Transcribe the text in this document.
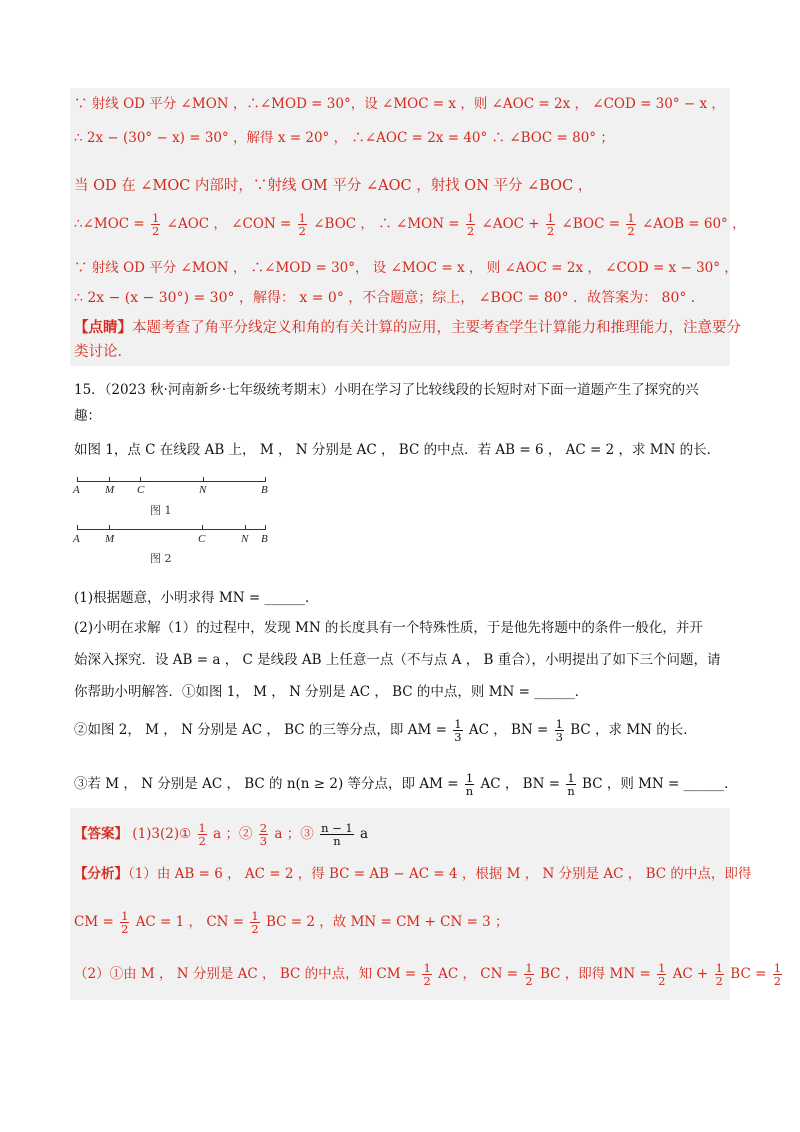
∵ 射线 OD 平分 ∠MON ，∴∠MOD = 30°，设 ∠MOC = x ，则 ∠AOC = 2x ， ∠COD = 30° − x ，
∴ 2x − (30° − x) = 30° ，解得 x = 20° ， ∴∠AOC = 2x = 40° ∴ ∠BOC = 80° ；
当 OD 在 ∠MOC 内部时，∵射线 OM 平分 ∠AOC ，射找 ON 平分 ∠BOC ，
∴∠MOC = $\frac{1}{2}$ ∠AOC ， ∠CON = $\frac{1}{2}$ ∠BOC ， ∴ ∠MON = $\frac{1}{2}$ ∠AOC + $\frac{1}{2}$ ∠BOC = $\frac{1}{2}$ ∠AOB = 60° ，
∵ 射线 OD 平分 ∠MON ， ∴∠MOD = 30°， 设 ∠MOC = x ， 则 ∠AOC = 2x ， ∠COD = x − 30° ，
∴ 2x − (x − 30°) = 30° ，解得： x = 0° ，不合题意；综上， ∠BOC = 80° ．故答案为： 80° ．
【点睛】本题考查了角平分线定义和角的有关计算的应用，主要考查学生计算能力和推理能力，注意要分
类讨论．
15．（2023 秋·河南新乡·七年级统考期末）小明在学习了比较线段的长短时对下面一道题产生了探究的兴
趣：
如图 1，点 C 在线段 AB 上， M ， N 分别是 AC ， BC 的中点．若 AB = 6 ， AC = 2 ，求 MN 的长．
A M C	N	B
图 1
A M	C	N B
图 2
(1)根据题意，小明求得 MN = ______．
(2)小明在求解（1）的过程中，发现 MN 的长度具有一个特殊性质，于是他先将题中的条件一般化，并开
始深入探究．设 AB = a ， C 是线段 AB 上任意一点（不与点 A ， B 重合），小明提出了如下三个问题，请
你帮助小明解答．①如图 1， M ， N 分别是 AC ， BC 的中点，则 MN = ______．
②如图 2， M ， N 分别是 AC ， BC 的三等分点，即 AM = $\frac{1}{3}$ AC ， BN = $\frac{1}{3}$ BC ，求 MN 的长．
③若 M ， N 分别是 AC ， BC 的 n(n ≥ 2) 等分点，即 AM = $\frac{1}{n}$ AC ， BN = $\frac{1}{n}$ BC ，则 MN = ______．
【答案】 (1)3(2)① $\frac{1}{2}$ a ；② $\frac{2}{3}$ a ；③ $\frac{n - 1}{n}$ a
【分析】（1）由 AB = 6 ， AC = 2 ，得 BC = AB − AC = 4 ，根据 M ， N 分别是 AC ， BC 的中点，即得
CM = $\frac{1}{2}$ AC = 1 ， CN = $\frac{1}{2}$ BC = 2 ，故 MN = CM + CN = 3 ；
（2）①由 M ， N 分别是 AC ， BC 的中点，知 CM = $\frac{1}{2}$ AC ， CN = $\frac{1}{2}$ BC ，即得 MN = $\frac{1}{2}$ AC + $\frac{1}{2}$ BC = $\frac{1}{2}$
